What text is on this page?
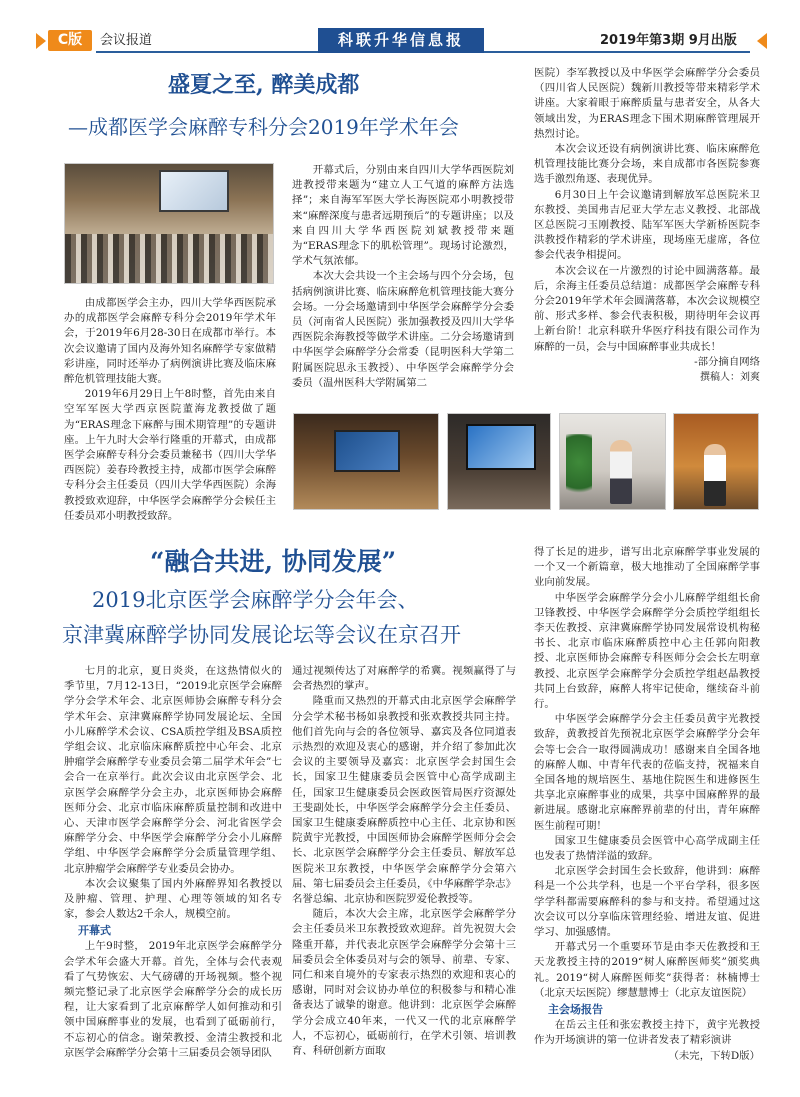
C版	会议报道	科联升华信息报	2019年第3期 9月出版
盛夏之至, 醉美成都
—成都医学会麻醉专科分会2019年学术年会

由成都医学会主办，四川大学华西医院承办的成都医学会麻醉专科分会2019年学术年会，于2019年6月28-30日在成都市举行。本次会议邀请了国内及海外知名麻醉学专家做精彩讲座，同时还举办了病例演讲比赛及临床麻醉危机管理技能大赛。

2019年6月29日上午8时整，首先由来自空军军医大学西京医院董海龙教授做了题为“ERAS理念下麻醉与围术期管理”的专题讲座。上午九时大会举行隆重的开幕式，由成都医学会麻醉专科分会委员兼秘书（四川大学华西医院）姜春玲教授主持，成都市医学会麻醉专科分会主任委员（四川大学华西医院）余海教授致欢迎辞，中华医学会麻醉学分会候任主任委员邓小明教授致辞。

开幕式后，分别由来自四川大学华西医院刘进教授带来题为“建立人工气道的麻醉方法选择”；来自海军军医大学长海医院邓小明教授带来“麻醉深度与患者远期预后”的专题讲座；以及来自四川大学华西医院刘斌教授带来题为“ERAS理念下的肌松管理”。现场讨论激烈，学术气氛浓郁。

本次大会共设一个主会场与四个分会场，包括病例演讲比赛、临床麻醉危机管理技能大赛分会场。一分会场邀请到中华医学会麻醉学分会委员（河南省人民医院）张加强教授及四川大学华西医院余海教授等做学术讲座。二分会场邀请到中华医学会麻醉学分会常委（昆明医科大学第二附属医院思永玉教授）、中华医学会麻醉学分会委员（温州医科大学附属第二

医院）李军教授以及中华医学会麻醉学分会委员（四川省人民医院）魏新川教授等带来精彩学术讲座。大家着眼于麻醉质量与患者安全，从各大领域出发，为ERAS理念下围术期麻醉管理展开热烈讨论。

本次会议还设有病例演讲比赛、临床麻醉危机管理技能比赛分会场，来自成都市各医院参赛选手激烈角逐、表现优异。

6月30日上午会议邀请到解放军总医院米卫东教授、美国弗吉尼亚大学左志义教授、北部战区总医院刁玉刚教授、陆军军医大学新桥医院李洪教授作精彩的学术讲座，现场座无虚席，各位参会代表争相提问。

本次会议在一片激烈的讨论中圆满落幕。最后，余海主任委员总结道：成都医学会麻醉专科分会2019年学术年会圆满落幕，本次会议规模空前、形式多样、参会代表积极，期待明年会议再上新台阶！北京科联升华医疗科技有限公司作为麻醉的一员，会与中国麻醉事业共成长！

-部分摘自网络

撰稿人：刘爽

“融合共进, 协同发展”
2019北京医学会麻醉学分会年会、
京津冀麻醉学协同发展论坛等会议在京召开

七月的北京，夏日炎炎，在这热情似火的季节里，7月12-13日，“2019北京医学会麻醉学分会学术年会、北京医师协会麻醉专科分会学术年会、京津冀麻醉学协同发展论坛、全国小儿麻醉学术会议、CSA质控学组及BSA质控学组会议、北京临床麻醉质控中心年会、北京肿瘤学会麻醉学专业委员会第二届学术年会”七会合一在京举行。此次会议由北京医学会、北京医学会麻醉学分会主办，北京医师协会麻醉医师分会、北京市临床麻醉质量控制和改进中心、天津市医学会麻醉学分会、河北省医学会麻醉学分会、中华医学会麻醉学分会小儿麻醉学组、中华医学会麻醉学分会质量管理学组、北京肿瘤学会麻醉学专业委员会协办。

本次会议聚集了国内外麻醉界知名教授以及肿瘤、管理、护理、心理等领域的知名专家，参会人数达2千余人，规模空前。

开幕式

上午9时整， 2019年北京医学会麻醉学分会学术年会盛大开幕。首先，全体与会代表观看了气势恢宏、大气磅礴的开场视频。整个视频完整记录了北京医学会麻醉学分会的成长历程，让大家看到了北京麻醉学人如何推动和引领中国麻醉事业的发展，也看到了砥砺前行，不忘初心的信念。谢荣教授、金清尘教授和北京医学会麻醉学分会第十三届委员会领导团队

通过视频传达了对麻醉学的希冀。视频赢得了与会者热烈的掌声。

隆重而又热烈的开幕式由北京医学会麻醉学分会学术秘书杨如泉教授和张欢教授共同主持。他们首先向与会的各位领导、嘉宾及各位同道表示热烈的欢迎及衷心的感谢，并介绍了参加此次会议的主要领导及嘉宾：北京医学会封国生会长，国家卫生健康委员会医管中心高学成副主任，国家卫生健康委员会医政医管局医疗资源处王斐副处长，中华医学会麻醉学分会主任委员、国家卫生健康委麻醉质控中心主任、北京协和医院黄宇光教授，中国医师协会麻醉学医师分会会长、北京医学会麻醉学分会主任委员、解放军总医院米卫东教授，中华医学会麻醉学分会第六届、第七届委员会主任委员，《中华麻醉学杂志》名誉总编、北京协和医院罗爱伦教授等。

随后，本次大会主席，北京医学会麻醉学分会主任委员米卫东教授致欢迎辞。首先祝贺大会隆重开幕，并代表北京医学会麻醉学分会第十三届委员会全体委员对与会的领导、前辈、专家、同仁和来自境外的专家表示热烈的欢迎和衷心的感谢，同时对会议协办单位的积极参与和精心准备表达了诚挚的谢意。他讲到：北京医学会麻醉学分会成立40年来，一代又一代的北京麻醉学人，不忘初心，砥砺前行，在学术引领、培训教育、科研创新方面取

得了长足的进步，谱写出北京麻醉学事业发展的一个又一个新篇章，极大地推动了全国麻醉学事业向前发展。

中华医学会麻醉学分会小儿麻醉学组组长俞卫锋教授、中华医学会麻醉学分会质控学组组长李天佐教授、京津冀麻醉学协同发展常设机构秘书长、北京市临床麻醉质控中心主任郭向阳教授、北京医师协会麻醉专科医师分会会长左明章教授、北京医学会麻醉学分会质控学组赵晶教授共同上台致辞，麻醉人将牢记使命，继续奋斗前行。

中华医学会麻醉学分会主任委员黄宇光教授致辞，黄教授首先预祝北京医学会麻醉学分会年会等七会合一取得圆满成功！感谢来自全国各地的麻醉人咖、中青年代表的莅临支持，祝福来自全国各地的规培医生、基地住院医生和进修医生共享北京麻醉事业的成果，共享中国麻醉界的最新进展。感谢北京麻醉界前辈的付出，青年麻醉医生前程可期！

国家卫生健康委员会医管中心高学成副主任也发表了热情洋溢的致辞。

北京医学会封国生会长致辞，他讲到：麻醉科是一个公共学科，也是一个平台学科，很多医学学科都需要麻醉科的参与和支持。希望通过这次会议可以分享临床管理经验、增进友谊、促进学习、加强感情。

开幕式另一个重要环节是由李天佐教授和王天龙教授主持的2019“树人麻醉医师奖”颁奖典礼。2019“树人麻醉医师奖”获得者：林楠博士（北京天坛医院）缪慧慧博士（北京友谊医院）

主会场报告

在岳云主任和张宏教授主持下，黄宇光教授作为开场演讲的第一位讲者发表了精彩演讲

（未完，下转D版）
